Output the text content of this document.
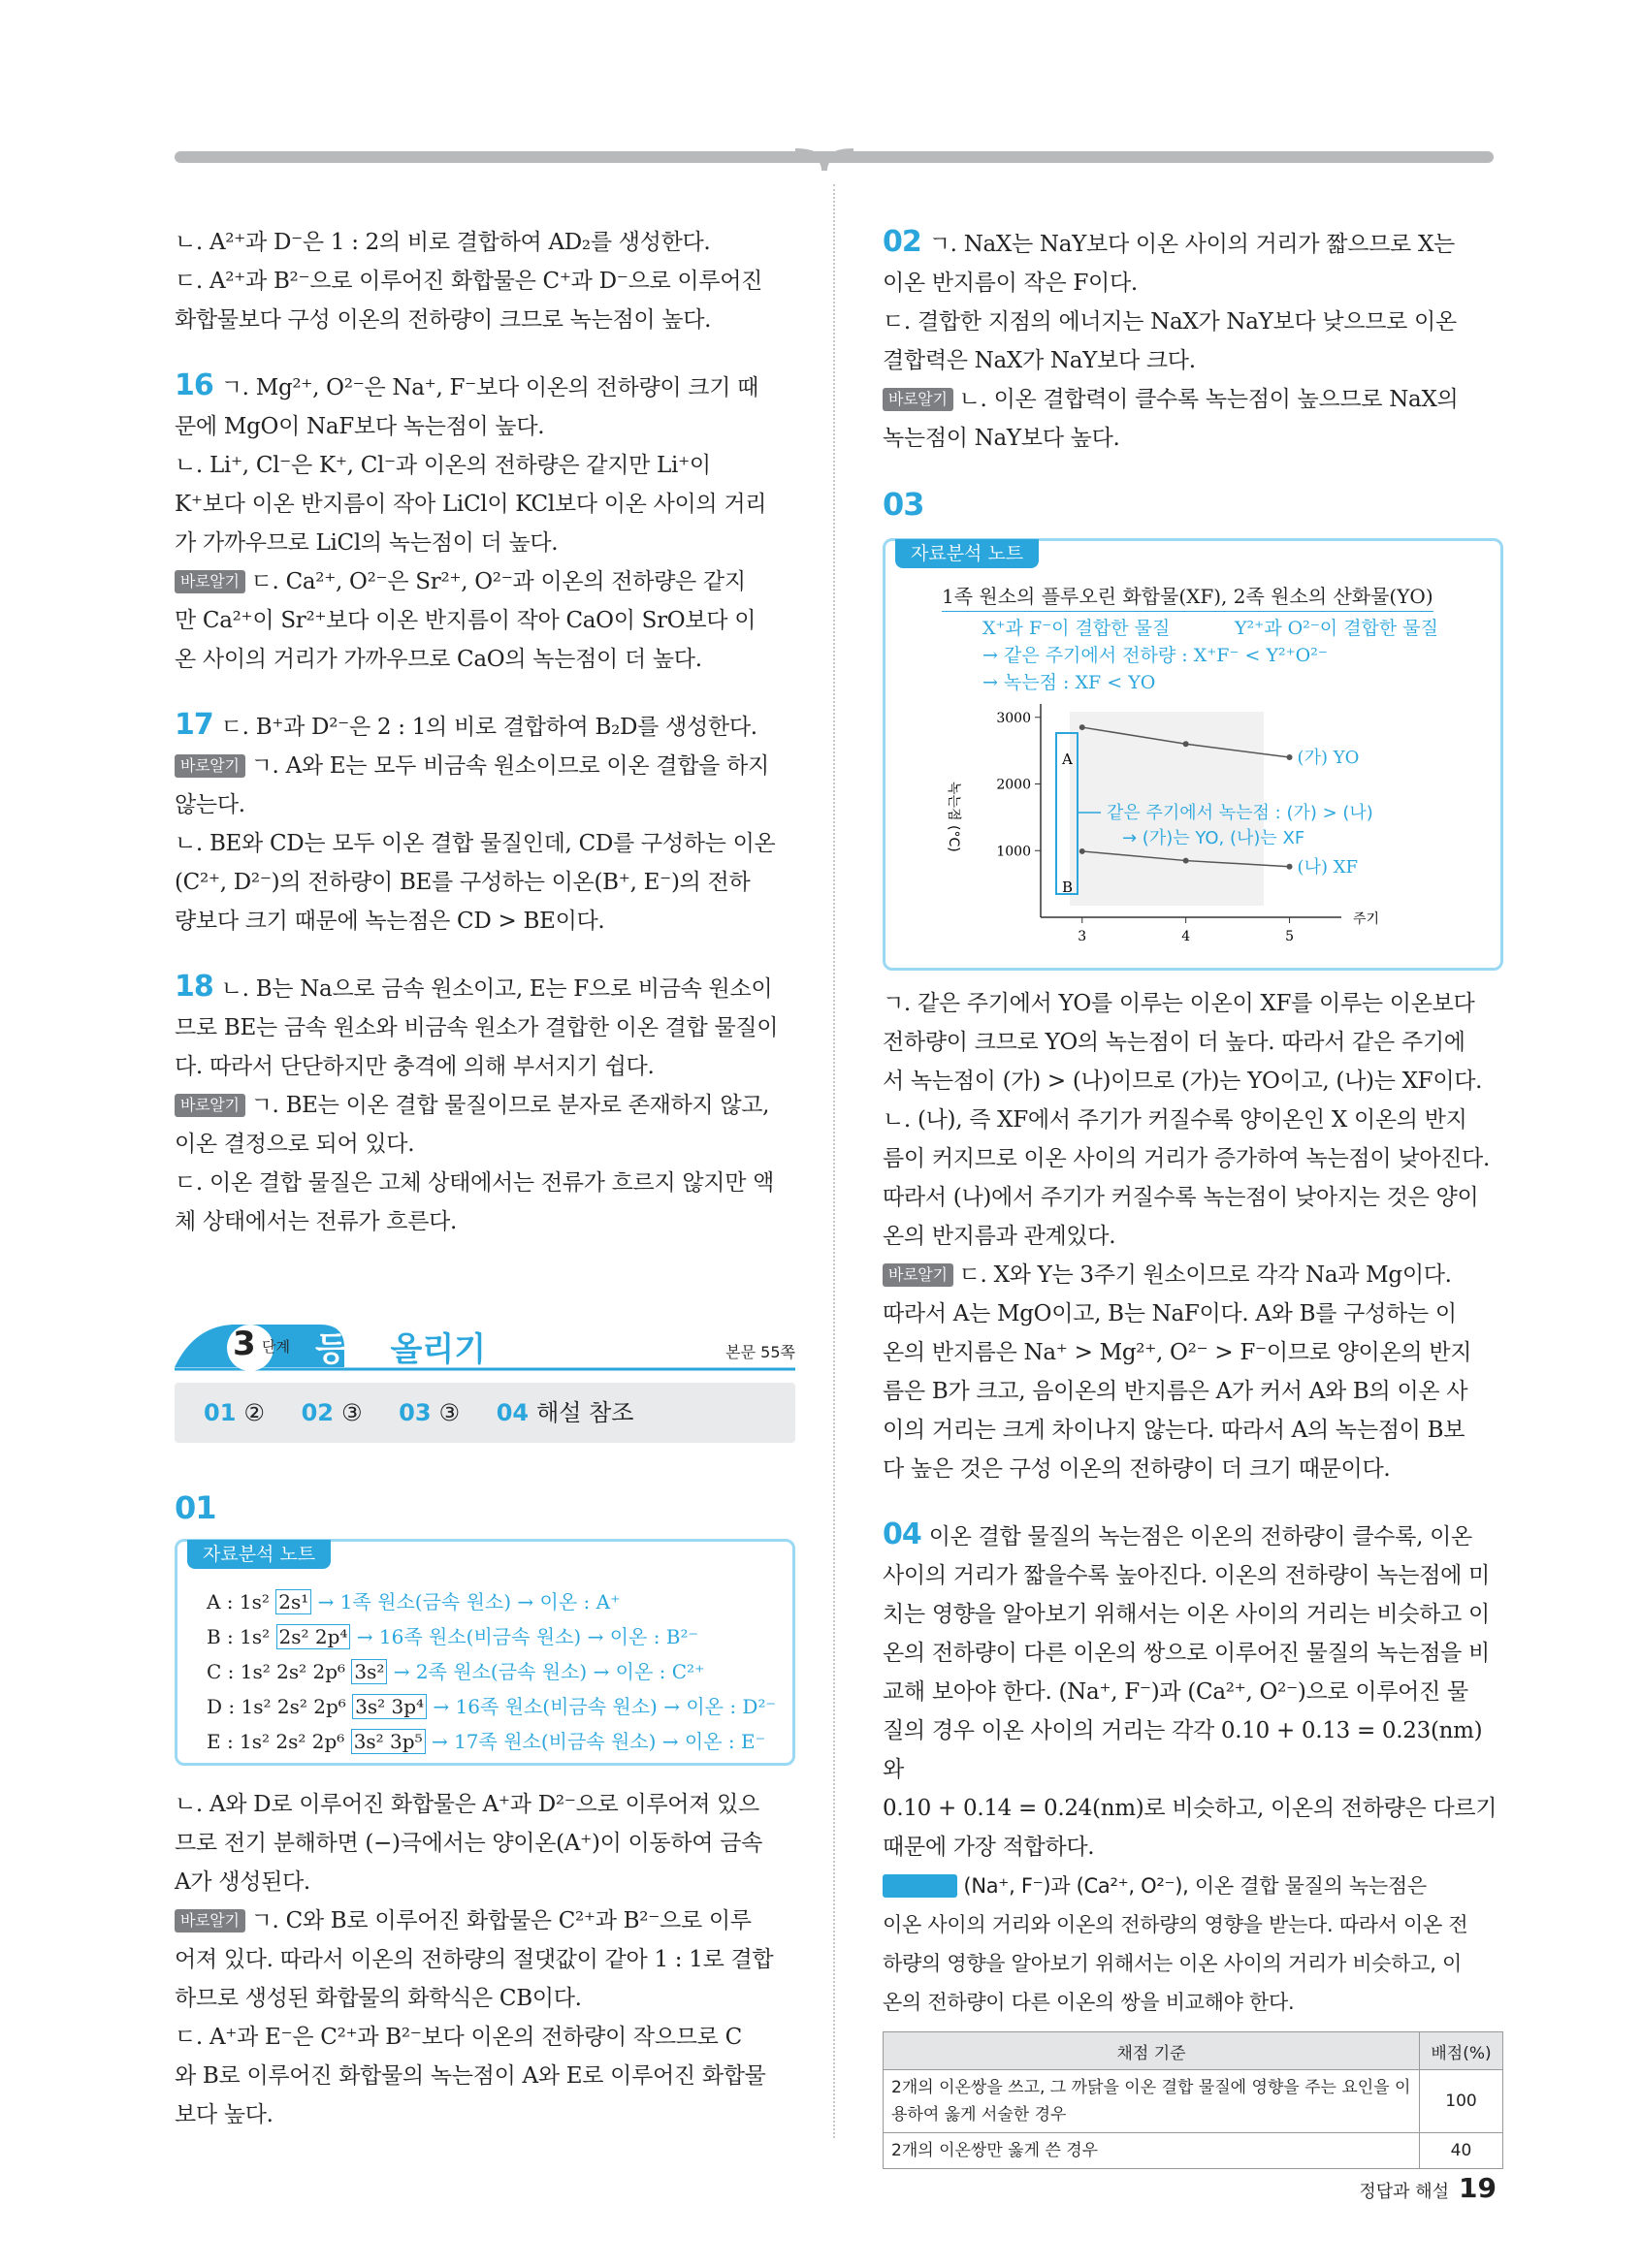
ㄴ. A²⁺과 D⁻은 1 : 2의 비로 결합하여 AD₂를 생성한다.

ㄷ. A²⁺과 B²⁻으로 이루어진 화합물은 C⁺과 D⁻으로 이루어진

화합물보다 구성 이온의 전하량이 크므로 녹는점이 높다.

16 ㄱ. Mg²⁺, O²⁻은 Na⁺, F⁻보다 이온의 전하량이 크기 때

문에 MgO이 NaF보다 녹는점이 높다.

ㄴ. Li⁺, Cl⁻은 K⁺, Cl⁻과 이온의 전하량은 같지만 Li⁺이

K⁺보다 이온 반지름이 작아 LiCl이 KCl보다 이온 사이의 거리

가 가까우므로 LiCl의 녹는점이 더 높다.

바로알기 ㄷ. Ca²⁺, O²⁻은 Sr²⁺, O²⁻과 이온의 전하량은 같지

만 Ca²⁺이 Sr²⁺보다 이온 반지름이 작아 CaO이 SrO보다 이

온 사이의 거리가 가까우므로 CaO의 녹는점이 더 높다.

17 ㄷ. B⁺과 D²⁻은 2 : 1의 비로 결합하여 B₂D를 생성한다.

바로알기 ㄱ. A와 E는 모두 비금속 원소이므로 이온 결합을 하지

않는다.

ㄴ. BE와 CD는 모두 이온 결합 물질인데, CD를 구성하는 이온

(C²⁺, D²⁻)의 전하량이 BE를 구성하는 이온(B⁺, E⁻)의 전하

량보다 크기 때문에 녹는점은 CD > BE이다.

18 ㄴ. B는 Na으로 금속 원소이고, E는 F으로 비금속 원소이

므로 BE는 금속 원소와 비금속 원소가 결합한 이온 결합 물질이

다. 따라서 단단하지만 충격에 의해 부서지기 쉽다.

바로알기 ㄱ. BE는 이온 결합 물질이므로 분자로 존재하지 않고,

이온 결정으로 되어 있다.

ㄷ. 이온 결합 물질은 고체 상태에서는 전류가 흐르지 않지만 액

체 상태에서는 전류가 흐른다.

3 단계 등급 올리기	본문 55쪽
01 ② 02 ③ 03 ③ 04 해설 참조
01
자료분석 노트

A : 1s² 2s¹ → 1족 원소(금속 원소) → 이온 : A⁺

B : 1s² 2s² 2p⁴ → 16족 원소(비금속 원소) → 이온 : B²⁻

C : 1s² 2s² 2p⁶ 3s² → 2족 원소(금속 원소) → 이온 : C²⁺

D : 1s² 2s² 2p⁶ 3s² 3p⁴ → 16족 원소(비금속 원소) → 이온 : D²⁻

E : 1s² 2s² 2p⁶ 3s² 3p⁵ → 17족 원소(비금속 원소) → 이온 : E⁻

ㄴ. A와 D로 이루어진 화합물은 A⁺과 D²⁻으로 이루어져 있으

므로 전기 분해하면 (−)극에서는 양이온(A⁺)이 이동하여 금속

A가 생성된다.

바로알기 ㄱ. C와 B로 이루어진 화합물은 C²⁺과 B²⁻으로 이루

어져 있다. 따라서 이온의 전하량의 절댓값이 같아 1 : 1로 결합

하므로 생성된 화합물의 화학식은 CB이다.

ㄷ. A⁺과 E⁻은 C²⁺과 B²⁻보다 이온의 전하량이 작으므로 C

와 B로 이루어진 화합물의 녹는점이 A와 E로 이루어진 화합물

보다 높다.

02 ㄱ. NaX는 NaY보다 이온 사이의 거리가 짧으므로 X는

이온 반지름이 작은 F이다.

ㄷ. 결합한 지점의 에너지는 NaX가 NaY보다 낮으므로 이온

결합력은 NaX가 NaY보다 크다.

바로알기 ㄴ. 이온 결합력이 클수록 녹는점이 높으므로 NaX의

녹는점이 NaY보다 높다.

03
자료분석 노트
1족 원소의 플루오린 화합물(XF), 2족 원소의 산화물(YO)
X⁺과 F⁻이 결합한 물질	Y²⁺과 O²⁻이 결합한 물질
→ 같은 주기에서 전하량 : X⁺F⁻ < Y²⁺O²⁻
→ 녹는점 : XF < YO
1000
2000
3000
3	4	5
(가) YO
(나) XF
녹는점 (°C)
주기
A
B
같은 주기에서 녹는점 : (가) > (나)
→ (가)는 YO, (나)는 XF

ㄱ. 같은 주기에서 YO를 이루는 이온이 XF를 이루는 이온보다

전하량이 크므로 YO의 녹는점이 더 높다. 따라서 같은 주기에

서 녹는점이 (가) > (나)이므로 (가)는 YO이고, (나)는 XF이다.

ㄴ. (나), 즉 XF에서 주기가 커질수록 양이온인 X 이온의 반지

름이 커지므로 이온 사이의 거리가 증가하여 녹는점이 낮아진다.

따라서 (나)에서 주기가 커질수록 녹는점이 낮아지는 것은 양이

온의 반지름과 관계있다.

바로알기 ㄷ. X와 Y는 3주기 원소이므로 각각 Na과 Mg이다.

따라서 A는 MgO이고, B는 NaF이다. A와 B를 구성하는 이

온의 반지름은 Na⁺ > Mg²⁺, O²⁻ > F⁻이므로 양이온의 반지

름은 B가 크고, 음이온의 반지름은 A가 커서 A와 B의 이온 사

이의 거리는 크게 차이나지 않는다. 따라서 A의 녹는점이 B보

다 높은 것은 구성 이온의 전하량이 더 크기 때문이다.

04 이온 결합 물질의 녹는점은 이온의 전하량이 클수록, 이온

사이의 거리가 짧을수록 높아진다. 이온의 전하량이 녹는점에 미

치는 영향을 알아보기 위해서는 이온 사이의 거리는 비슷하고 이

온의 전하량이 다른 이온의 쌍으로 이루어진 물질의 녹는점을 비

교해 보아야 한다. (Na⁺, F⁻)과 (Ca²⁺, O²⁻)으로 이루어진 물

질의 경우 이온 사이의 거리는 각각 0.10 + 0.13 = 0.23(nm)와

0.10 + 0.14 = 0.24(nm)로 비슷하고, 이온의 전하량은 다르기

때문에 가장 적합하다.

모범 답안 (Na⁺, F⁻)과 (Ca²⁺, O²⁻), 이온 결합 물질의 녹는점은

이온 사이의 거리와 이온의 전하량의 영향을 받는다. 따라서 이온 전

하량의 영향을 알아보기 위해서는 이온 사이의 거리가 비슷하고, 이

온의 전하량이 다른 이온의 쌍을 비교해야 한다.

채점 기준	배점(%)
2개의 이온쌍을 쓰고, 그 까닭을 이온 결합 물질에 영향을 주는 요인을 이용하여 옳게 서술한 경우	100
2개의 이온쌍만 옳게 쓴 경우	40
정답과 해설 19
